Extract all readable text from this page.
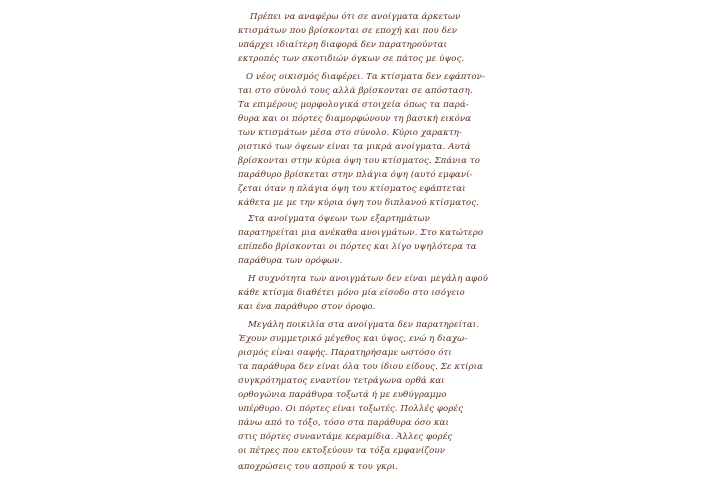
Πρέπει να αναφέρω ότι σε ανοίγματα άρκετων
κτισμάτων που βρίσκονται σε εποχή και που δεν
υπάρχει ιδιαίτερη διαφορά δεν παρατηρούνται
εκτροπές των σκοτιδιών όγκων σε πάτος με ύψος.
Ο νέος οικισμός διαφέρει. Τα κτίσματα δεν εφάπτον-
ται στο σύνολό τους αλλά βρίσκονται σε απόσταση.
Τα επιμέρους μορφολογικά στοιχεία όπως τα παρά-
θυρα και οι πόρτες διαμορφώνουν τη βασική εικόνα
των κτισμάτων μέσα στο σύνολο. Κύριο χαρακτη-
ριστικό των όψεων είναι τα μικρά ανοίγματα. Αυτά
βρίσκονται στην κύρια όψη του κτίσματος. Σπάνια το
παράθυρο βρίσκεται στην πλάγια όψη (αυτό εμφανί-
ζεται όταν η πλάγια όψη του κτίσματος εφάπτεται
κάθετα με με την κύρια όψη του διπλανού κτίσματος.
Στα ανοίγματα όψεων των εξαρτημάτων
παρατηρείται μια ανέκαθα ανοιγμάτων. Στο κατώτερο
επίπεδο βρίσκονται οι πόρτες και λίγο υψηλότερα τα
παράθυρα των ορόφων.
Η συχνότητα των ανοιγμάτων δεν είναι μεγάλη αφού
κάθε κτίσμα διαθέτει μόνο μία είσοδο στο ισόγειο
και ένα παράθυρο στον όροφο.
Μεγάλη ποικιλία στα ανοίγματα δεν παρατηρείται.
Έχουν συμμετρικό μέγεθος και ύψος, ενώ η διαχω-
ρισμός είναι σαφής. Παρατηρήσαμε ωστόσο ότι
τα παράθυρα δεν είναι όλα του ίδιου είδους. Σε κτίρια
συγκρότηματος εναντίον τετράγωνα ορθά και
ορθογώνια παράθυρα τοξωτά ή με ευθύγραμμο
υπέρθυρο. Οι πόρτες είναι τοξωτές. Πολλές φορές
πάνω από το τόξο, τόσο στα παράθυρα όσο και
στις πόρτες συναντάμε κεραμίδια. Άλλες φορές
οι πέτρες που εκτοξεύουν τα τόξα εμφανίζουν
αποχρώσεις του ασπρού κ του γκρι.
